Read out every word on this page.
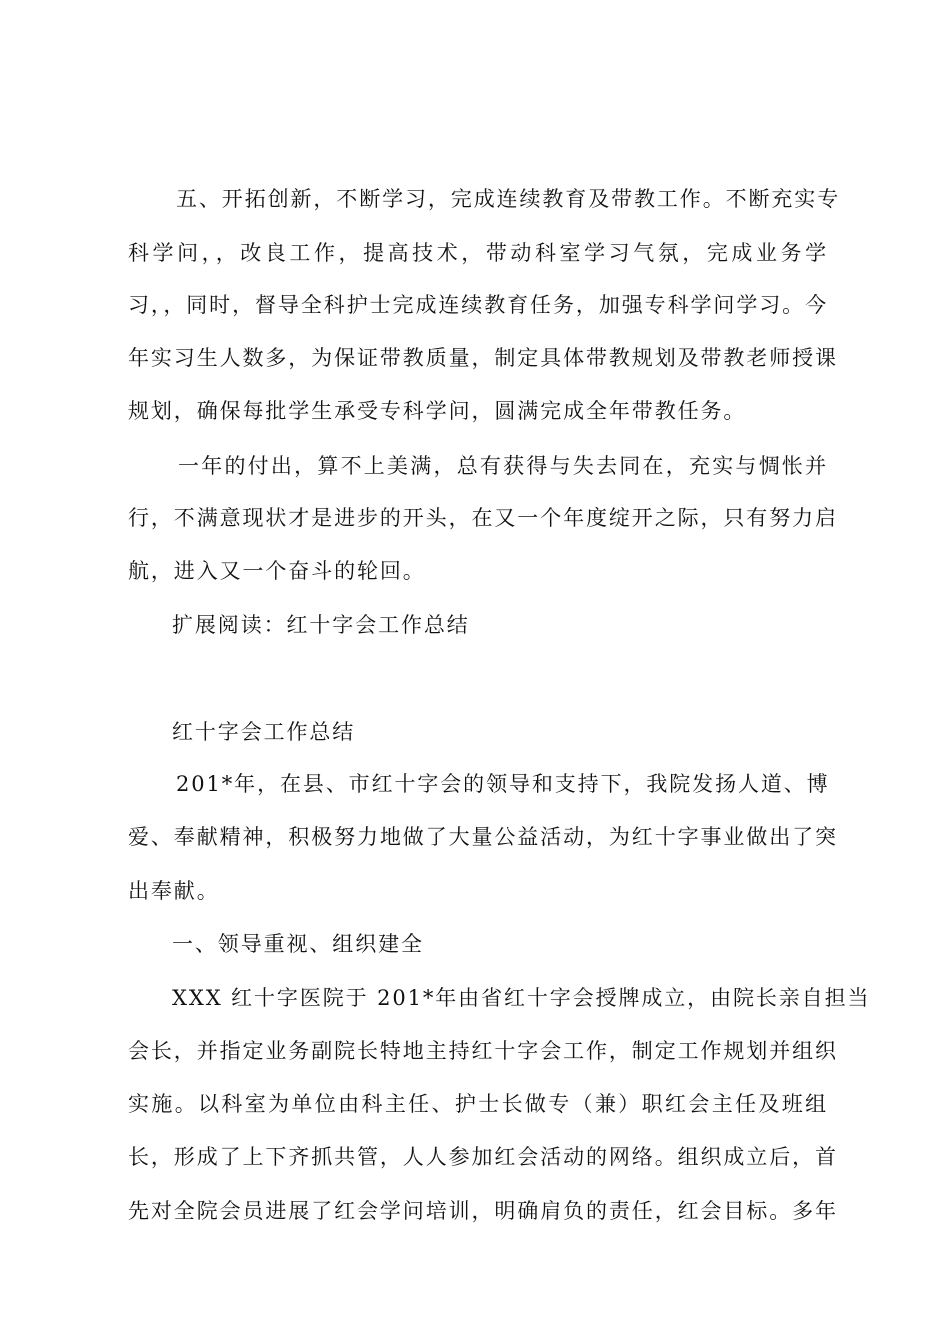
五、开拓创新，不断学习，完成连续教育及带教工作。不断充实专
科学问，，改良工作，提高技术，带动科室学习气氛，完成业务学
习，，同时，督导全科护士完成连续教育任务，加强专科学问学习。今
年实习生人数多，为保证带教质量，制定具体带教规划及带教老师授课
规划，确保每批学生承受专科学问，圆满完成全年带教任务。
一年的付出，算不上美满，总有获得与失去同在，充实与惆怅并
行，不满意现状才是进步的开头，在又一个年度绽开之际，只有努力启
航，进入又一个奋斗的轮回。
扩展阅读：红十字会工作总结
红十字会工作总结
201*年，在县、市红十字会的领导和支持下，我院发扬人道、博
爱、奉献精神，积极努力地做了大量公益活动，为红十字事业做出了突
出奉献。
一、领导重视、组织建全
XXX 红十字医院于 201*年由省红十字会授牌成立，由院长亲自担当
会长，并指定业务副院长特地主持红十字会工作，制定工作规划并组织
实施。以科室为单位由科主任、护士长做专（兼）职红会主任及班组
长，形成了上下齐抓共管，人人参加红会活动的网络。组织成立后，首
先对全院会员进展了红会学问培训，明确肩负的责任，红会目标。多年
